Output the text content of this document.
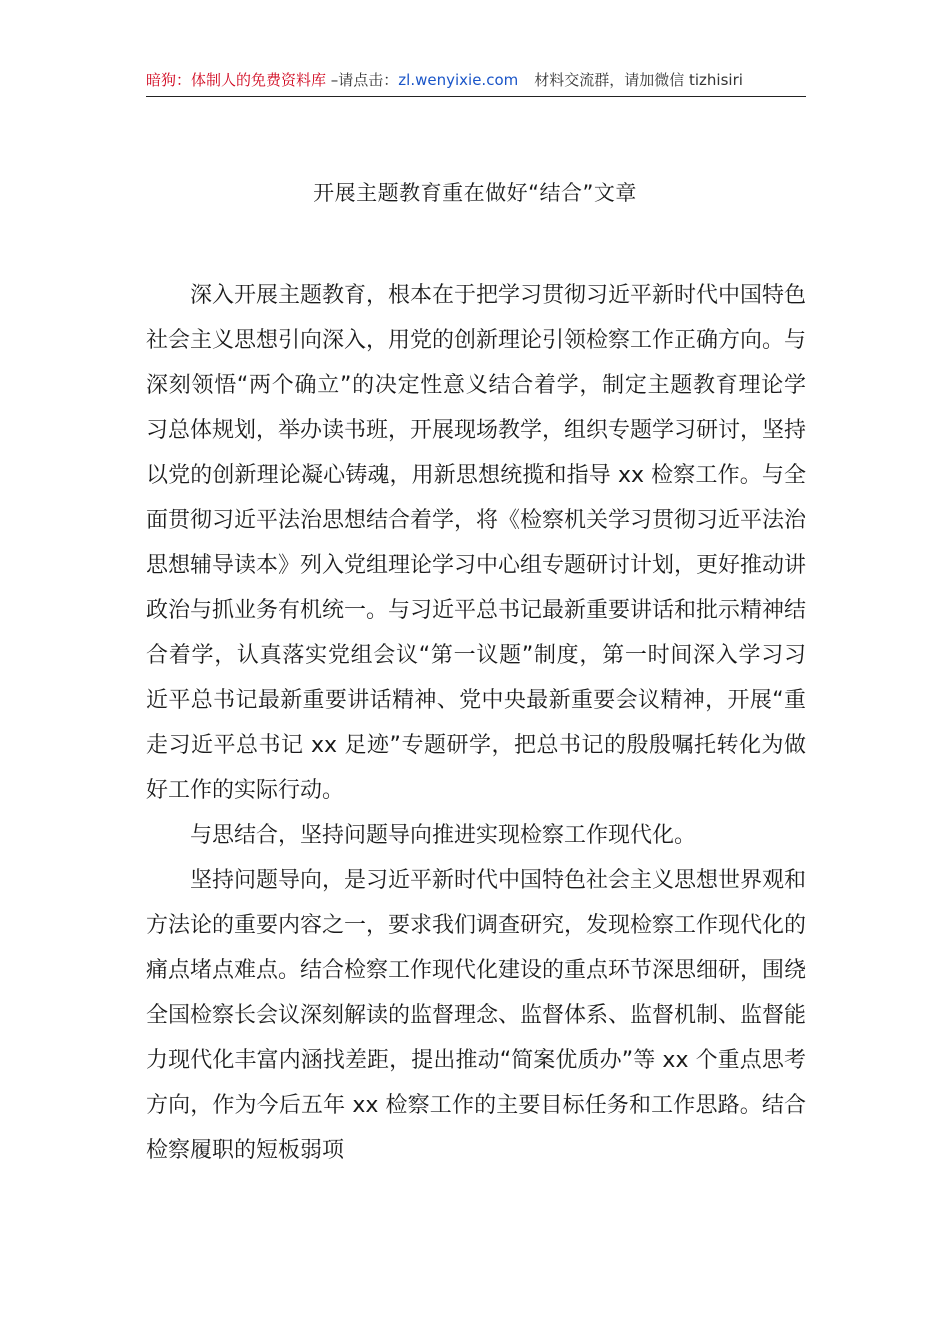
暗狗：体制人的免费资料库 –请点击：zl.wenyixie.com 材料交流群，请加微信 tizhisiri
开展主题教育重在做好“结合”文章

深入开展主题教育，根本在于把学习贯彻习近平新时代中国特色社会主义思想引向深入，用党的创新理论引领检察工作正确方向。与深刻领悟“两个确立”的决定性意义结合着学，制定主题教育理论学习总体规划，举办读书班，开展现场教学，组织专题学习研讨，坚持以党的创新理论凝心铸魂，用新思想统揽和指导 xx 检察工作。与全面贯彻习近平法治思想结合着学，将《检察机关学习贯彻习近平法治思想辅导读本》列入党组理论学习中心组专题研讨计划，更好推动讲政治与抓业务有机统一。与习近平总书记最新重要讲话和批示精神结合着学，认真落实党组会议“第一议题”制度，第一时间深入学习习近平总书记最新重要讲话精神、党中央最新重要会议精神，开展“重走习近平总书记 xx 足迹”专题研学，把总书记的殷殷嘱托转化为做好工作的实际行动。

与思结合，坚持问题导向推进实现检察工作现代化。

坚持问题导向，是习近平新时代中国特色社会主义思想世界观和方法论的重要内容之一，要求我们调查研究，发现检察工作现代化的痛点堵点难点。结合检察工作现代化建设的重点环节深思细研，围绕全国检察长会议深刻解读的监督理念、监督体系、监督机制、监督能力现代化丰富内涵找差距，提出推动“简案优质办”等 xx 个重点思考方向，作为今后五年 xx 检察工作的主要目标任务和工作思路。结合检察履职的短板弱项
